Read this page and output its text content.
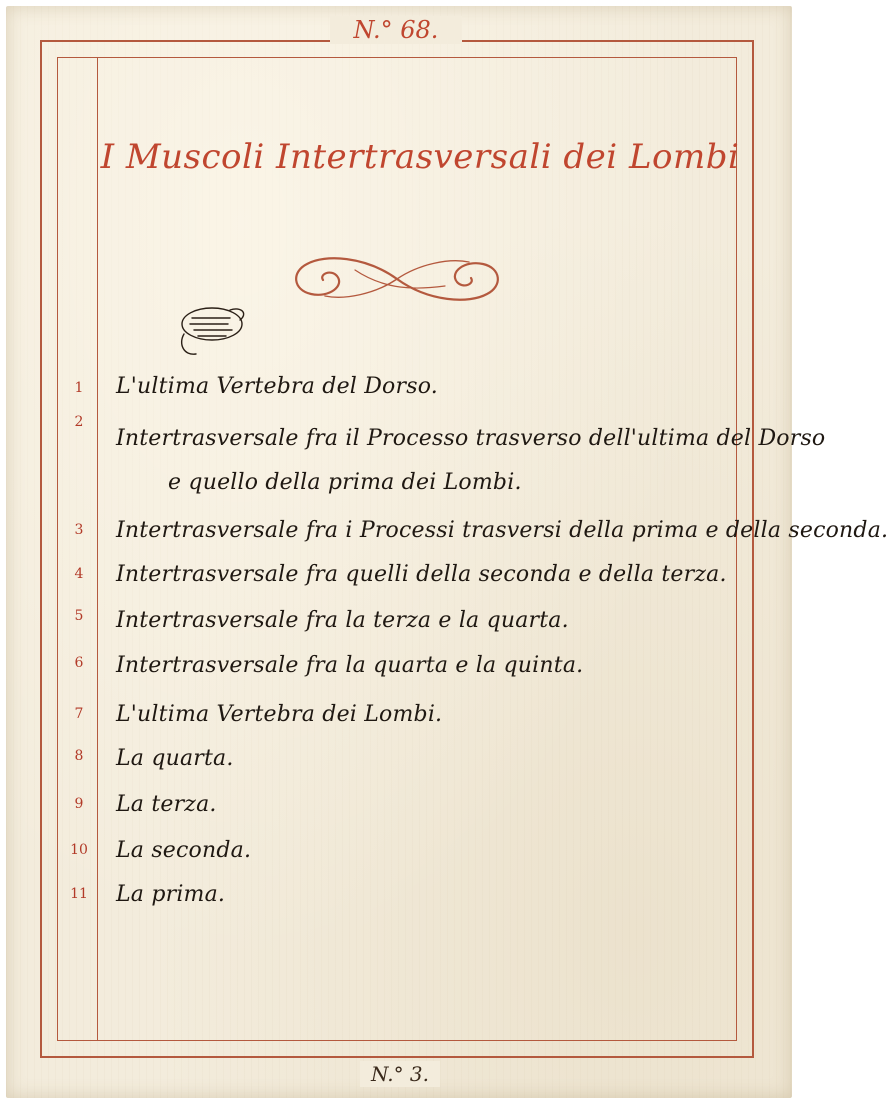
N.° 68.
I Muscoli Intertrasversali dei Lombi
1	L'ultima Vertebra del Dorso.
2
Intertrasversale fra il Processo trasverso dell'ultima del Dorso
e quello della prima dei Lombi.
3	Intertrasversale fra i Processi trasversi della prima e della seconda.
4	Intertrasversale fra quelli della seconda e della terza.
5	Intertrasversale fra la terza e la quarta.
6	Intertrasversale fra la quarta e la quinta.
7	L'ultima Vertebra dei Lombi.
8	La quarta.
9	La terza.
10	La seconda.
11	La prima.
N.° 3.
